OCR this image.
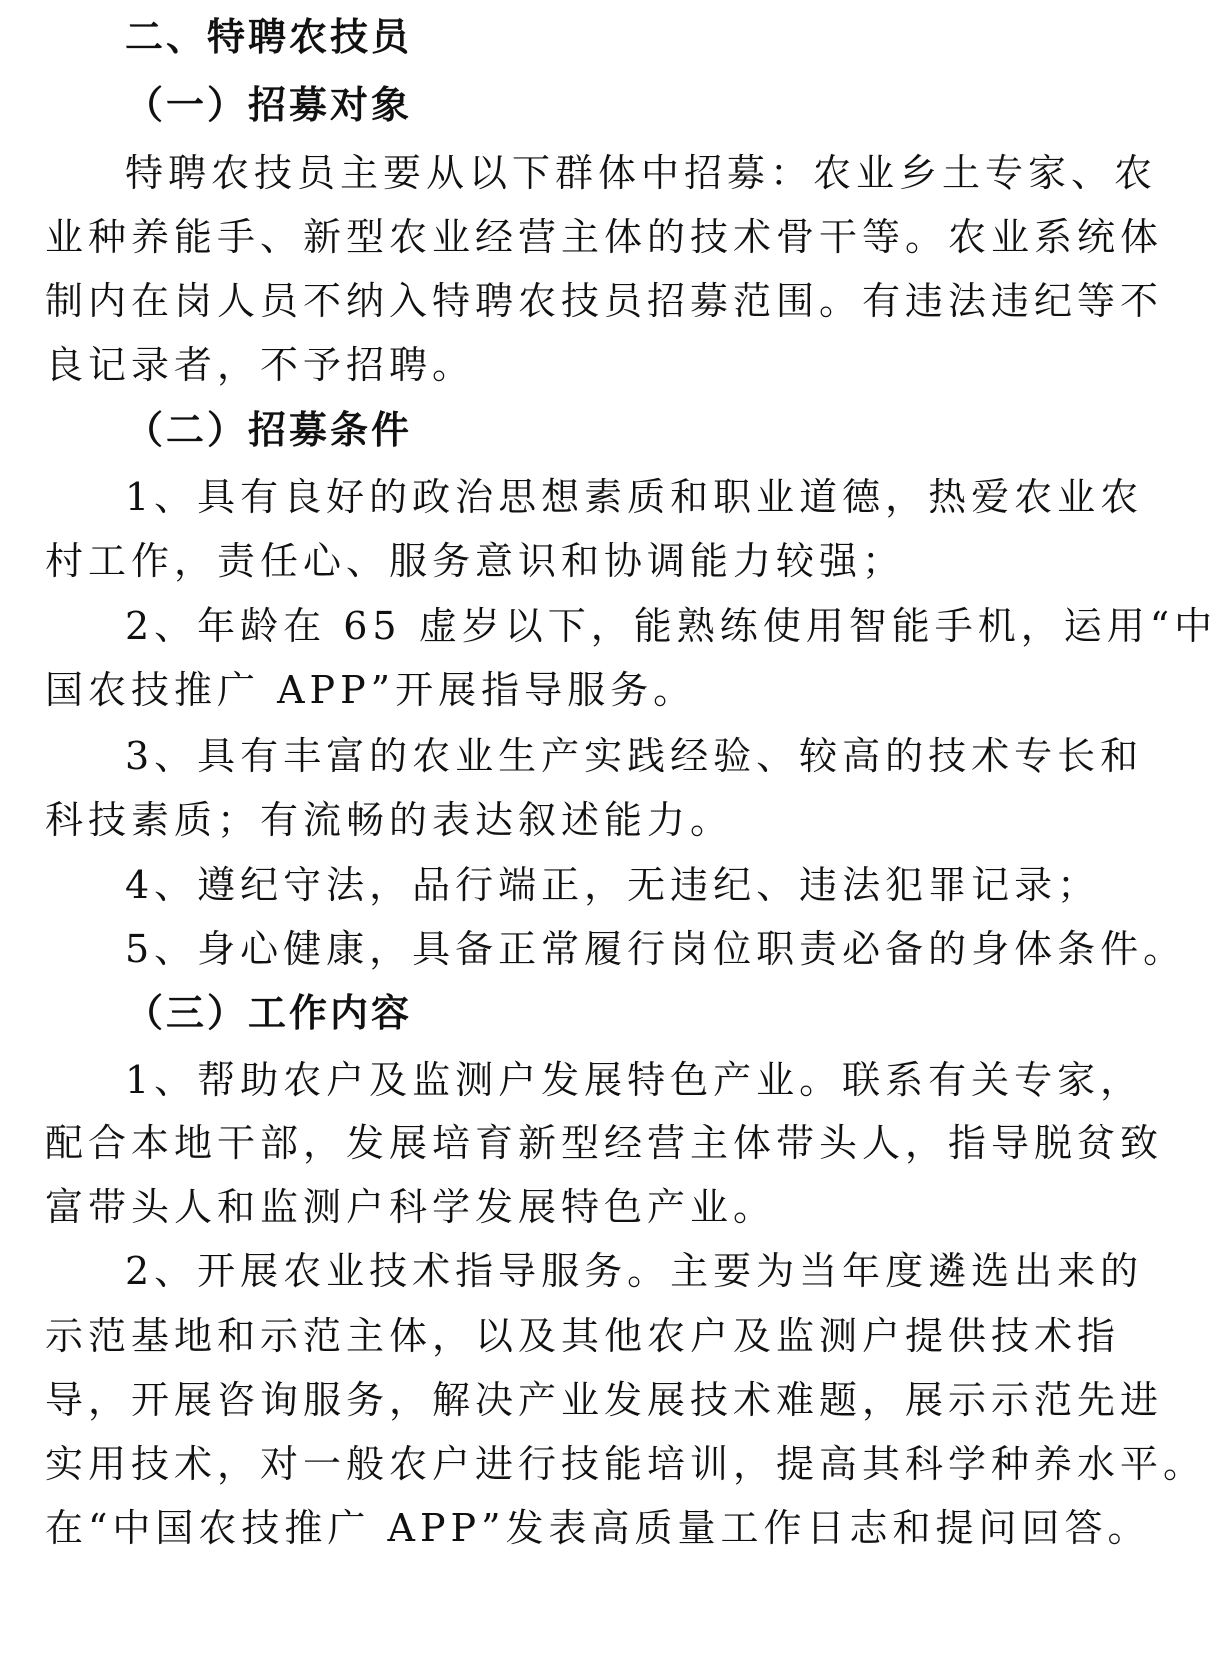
二、特聘农技员
（一）招募对象
特聘农技员主要从以下群体中招募：农业乡土专家、农
业种养能手、新型农业经营主体的技术骨干等。农业系统体
制内在岗人员不纳入特聘农技员招募范围。有违法违纪等不
良记录者，不予招聘。
（二）招募条件
1、具有良好的政治思想素质和职业道德，热爱农业农
村工作，责任心、服务意识和协调能力较强；
2、年龄在 65 虚岁以下，能熟练使用智能手机，运用“中
国农技推广 APP”开展指导服务。
3、具有丰富的农业生产实践经验、较高的技术专长和
科技素质；有流畅的表达叙述能力。
4、遵纪守法，品行端正，无违纪、违法犯罪记录；
5、身心健康，具备正常履行岗位职责必备的身体条件。
（三）工作内容
1、帮助农户及监测户发展特色产业。联系有关专家，
配合本地干部，发展培育新型经营主体带头人，指导脱贫致
富带头人和监测户科学发展特色产业。
2、开展农业技术指导服务。主要为当年度遴选出来的
示范基地和示范主体，以及其他农户及监测户提供技术指
导，开展咨询服务，解决产业发展技术难题，展示示范先进
实用技术，对一般农户进行技能培训，提高其科学种养水平。
在“中国农技推广 APP”发表高质量工作日志和提问回答。
